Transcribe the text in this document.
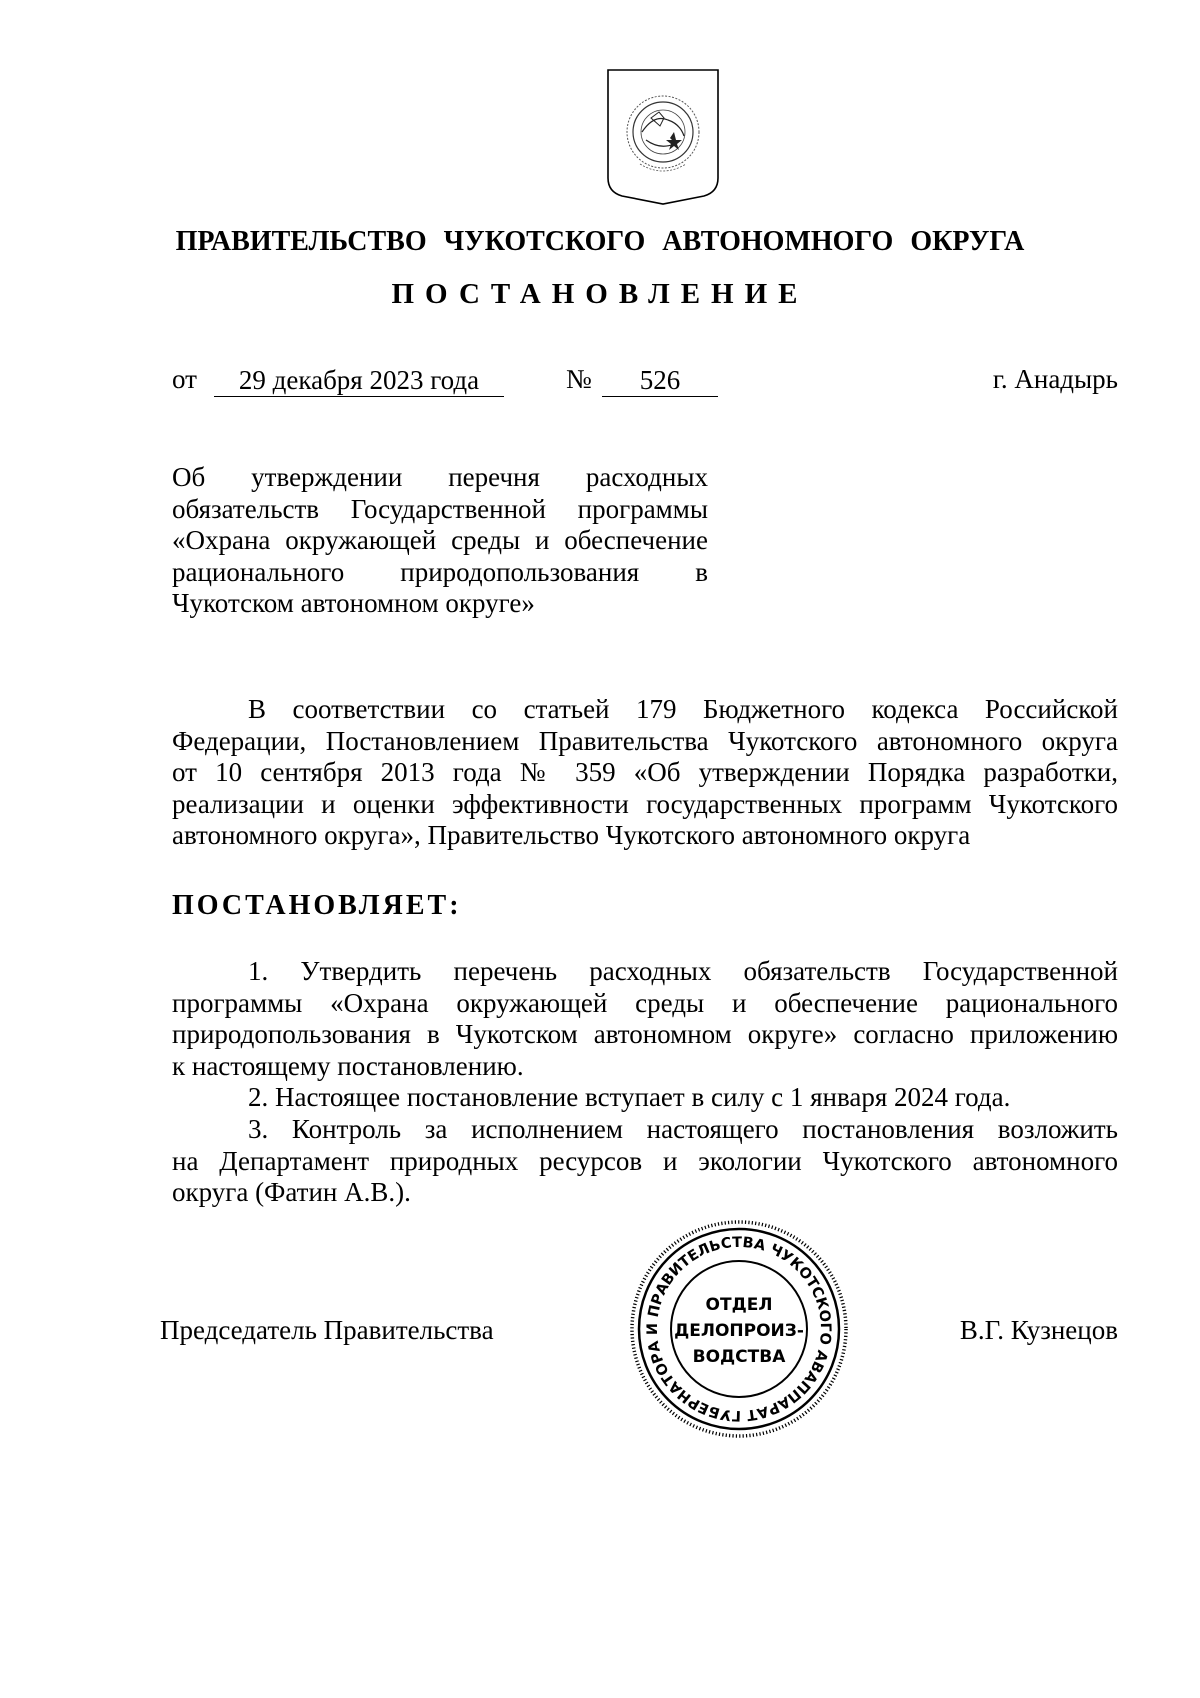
ПРАВИТЕЛЬСТВО ЧУКОТСКОГО АВТОНОМНОГО ОКРУГА
ПОСТАНОВЛЕНИЕ
от	29 декабря 2023 года	№	526	г. Анадырь
Об утверждении перечня расходных
обязательств Государственной программы
«Охрана окружающей среды и обеспечение
рационального природопользования в
Чукотском автономном округе»
В соответствии со статьей 179 Бюджетного кодекса Российской
Федерации, Постановлением Правительства Чукотского автономного округа
от 10 сентября 2013 года № 359 «Об утверждении Порядка разработки,
реализации и оценки эффективности государственных программ Чукотского
автономного округа», Правительство Чукотского автономного округа
ПОСТАНОВЛЯЕТ:
1. Утвердить перечень расходных обязательств Государственной
программы «Охрана окружающей среды и обеспечение рационального
природопользования в Чукотском автономном округе» согласно приложению
к настоящему постановлению.
2. Настоящее постановление вступает в силу с 1 января 2024 года.
3. Контроль за исполнением настоящего постановления возложить
на Департамент природных ресурсов и экологии Чукотского автономного
округа (Фатин А.В.).
Председатель Правительства	В.Г. Кузнецов
АППАРАТ ГУБЕРНАТОРА И ПРАВИТЕЛЬСТВА ЧУКОТСКОГО АВТОНОМНОГО
ОТДЕЛ
ДЕЛОПРОИЗ-
ВОДСТВА
